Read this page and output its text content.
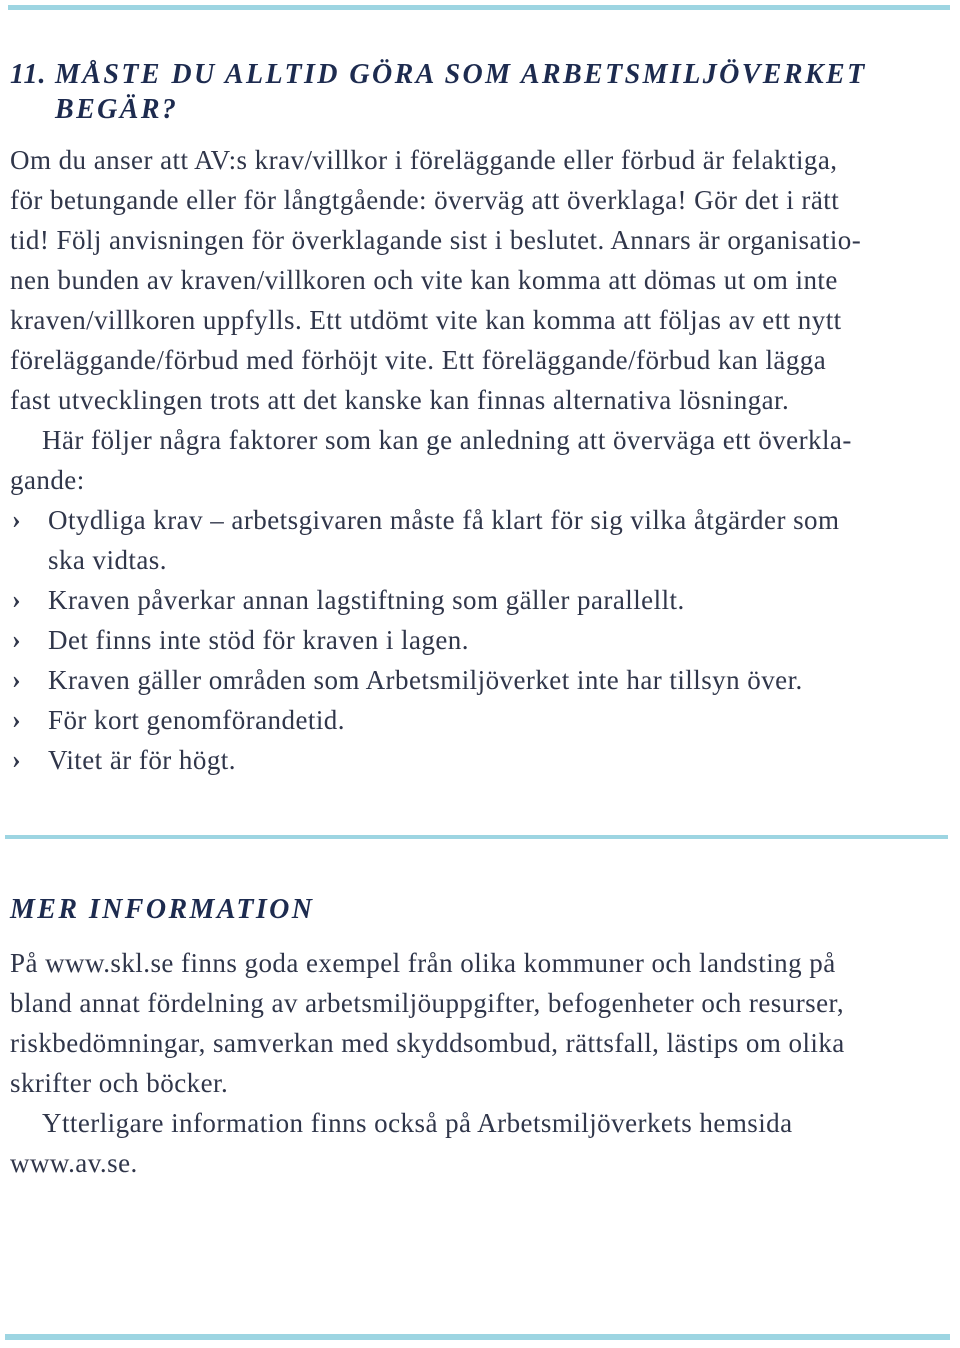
11. MÅSTE DU ALLTID GÖRA SOM ARBETSMILJÖVERKET
BEGÄR?
Om du anser att AV:s krav/villkor i föreläggande eller förbud är felaktiga,
för betungande eller för långtgående: överväg att överklaga! Gör det i rätt
tid! Följ anvisningen för överklagande sist i beslutet. Annars är organisatio-
nen bunden av kraven/villkoren och vite kan komma att dömas ut om inte
kraven/villkoren uppfylls. Ett utdömt vite kan komma att följas av ett nytt
föreläggande/förbud med förhöjt vite. Ett föreläggande/förbud kan lägga
fast utvecklingen trots att det kanske kan finnas alternativa lösningar.
Här följer några faktorer som kan ge anledning att överväga ett överkla-
gande:
› Otydliga krav – arbetsgivaren måste få klart för sig vilka åtgärder som
ska vidtas.
› Kraven påverkar annan lagstiftning som gäller parallellt.
› Det finns inte stöd för kraven i lagen.
› Kraven gäller områden som Arbetsmiljöverket inte har tillsyn över.
› För kort genomförandetid.
› Vitet är för högt.
MER INFORMATION
På www.skl.se finns goda exempel från olika kommuner och landsting på
bland annat fördelning av arbetsmiljöuppgifter, befogenheter och resurser,
riskbedömningar, samverkan med skyddsombud, rättsfall, lästips om olika
skrifter och böcker.
Ytterligare information finns också på Arbetsmiljöverkets hemsida
www.av.se.
